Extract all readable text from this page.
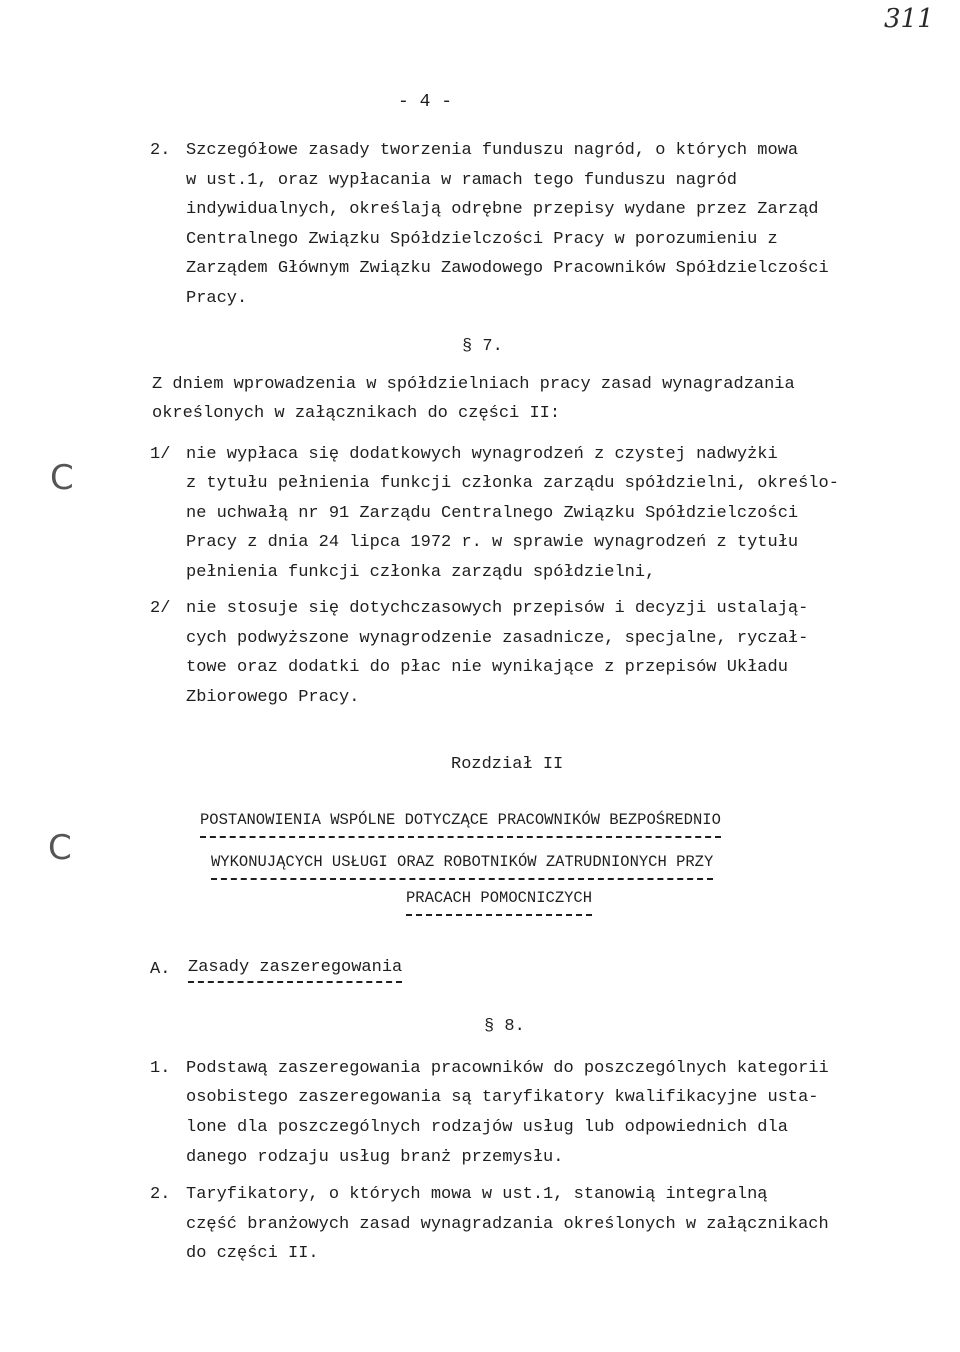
311
- 4 -
2. Szczegółowe zasady tworzenia funduszu nagród, o których mowa

w ust.1, oraz wypłacania w ramach tego funduszu nagród

indywidualnych, określają odrębne przepisy wydane przez Zarząd

Centralnego Związku Spółdzielczości Pracy w porozumieniu z

Zarządem Głównym Związku Zawodowego Pracowników Spółdzielczości

Pracy.

§ 7.

Z dniem wprowadzenia w spółdzielniach pracy zasad wynagradzania

określonych w załącznikach do części II:

1/ nie wypłaca się dodatkowych wynagrodzeń z czystej nadwyżki

z tytułu pełnienia funkcji członka zarządu spółdzielni, określo-

ne uchwałą nr 91 Zarządu Centralnego Związku Spółdzielczości

Pracy z dnia 24 lipca 1972 r. w sprawie wynagrodzeń z tytułu

pełnienia funkcji członka zarządu spółdzielni,

2/ nie stosuje się dotychczasowych przepisów i decyzji ustalają-

cych podwyższone wynagrodzenie zasadnicze, specjalne, ryczał-

towe oraz dodatki do płac nie wynikające z przepisów Układu

Zbiorowego Pracy.

Rozdział II

POSTANOWIENIA WSPÓLNE DOTYCZĄCE PRACOWNIKÓW BEZPOŚREDNIO

WYKONUJĄCYCH USŁUGI ORAZ ROBOTNIKÓW ZATRUDNIONYCH PRZY

PRACACH POMOCNICZYCH

A. Zasady zaszeregowania
§ 8.
1. Podstawą zaszeregowania pracowników do poszczególnych kategorii

osobistego zaszeregowania są taryfikatory kwalifikacyjne usta-

lone dla poszczególnych rodzajów usług lub odpowiednich dla

danego rodzaju usług branż przemysłu.

2. Taryfikatory, o których mowa w ust.1, stanowią integralną

część branżowych zasad wynagradzania określonych w załącznikach

do części II.

C
C
